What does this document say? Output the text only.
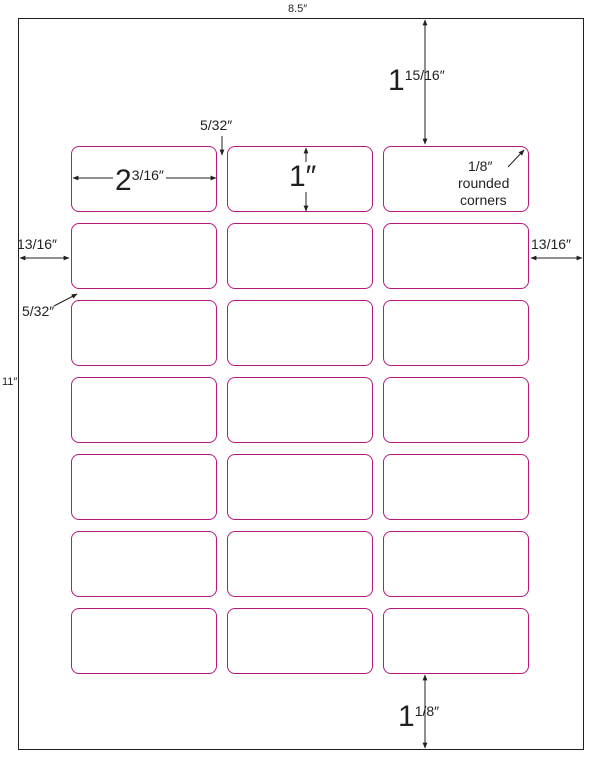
8.5″
11″
115/16″
5/32″
23/16″	1″	1/8″
rounded
corners
13/16″	13/16″
5/32″
11/8″
